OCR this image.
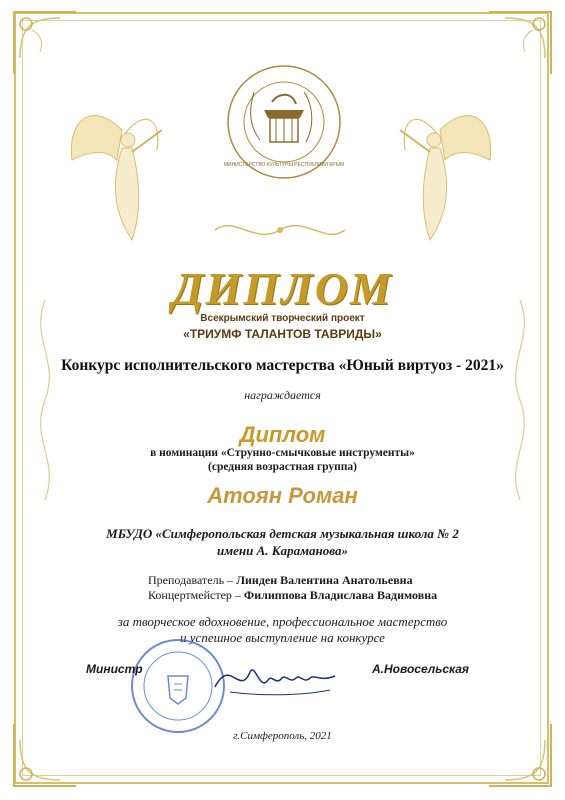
МИНИСТЕРСТВО КУЛЬТУРЫ РЕСПУБЛИКИ КРЫМ
ДИПЛОМ
Всекрымский творческий проект
«ТРИУМФ ТАЛАНТОВ ТАВРИДЫ»
Конкурс исполнительского мастерства «Юный виртуоз - 2021»
награждается
Диплом
в номинации «Струнно-смычковые инструменты»
(средняя возрастная группа)
Атоян Роман
МБУДО «Симферопольская детская музыкальная школа № 2
имени А. Караманова»
Преподаватель – Линден Валентина Анатольевна
Концертмейстер – Филиппова Владислава Вадимовна
за творческое вдохновение, профессиональное мастерство
и успешное выступление на конкурсе
Министр	А.Новосельская
г.Симферополь, 2021
